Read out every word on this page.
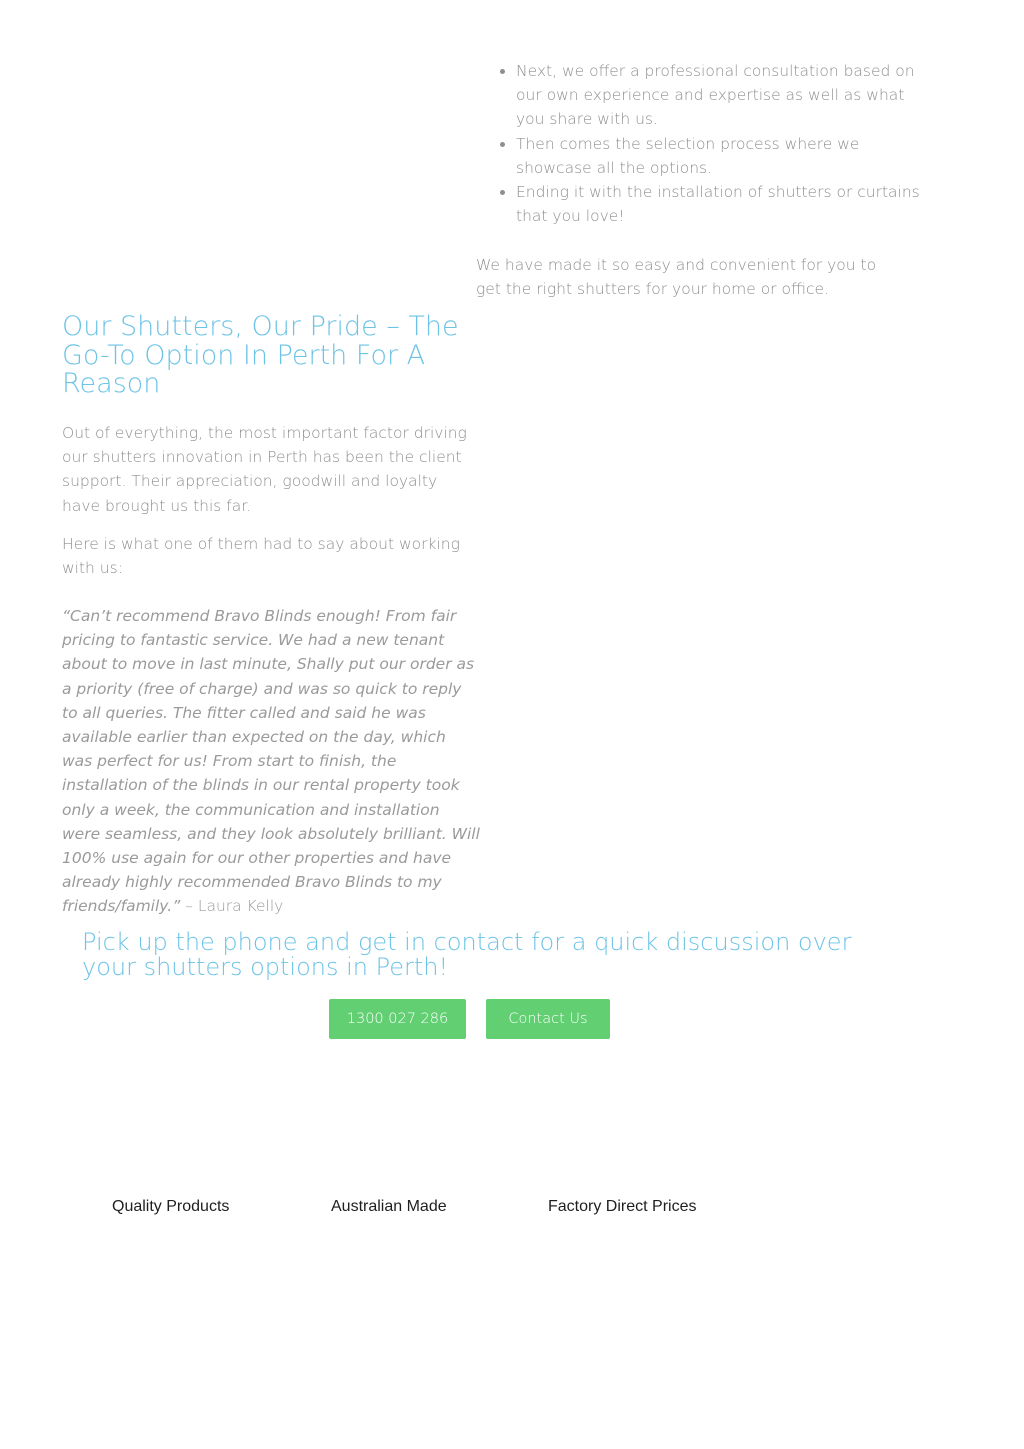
• Next, we offer a professional consultation based on our own experience and expertise as well as what you share with us.
• Then comes the selection process where we showcase all the options.
• Ending it with the installation of shutters or curtains that you love!

We have made it so easy and convenient for you to get the right shutters for your home or office.

Our Shutters, Our Pride – The Go-To Option In Perth For A Reason

Out of everything, the most important factor driving our shutters innovation in Perth has been the client support. Their appreciation, goodwill and loyalty have brought us this far.

Here is what one of them had to say about working with us:

“Can’t recommend Bravo Blinds enough! From fair pricing to fantastic service. We had a new tenant about to move in last minute, Shally put our order as a priority (free of charge) and was so quick to reply to all queries. The fitter called and said he was available earlier than expected on the day, which was perfect for us! From start to finish, the installation of the blinds in our rental property took only a week, the communication and installation were seamless, and they look absolutely brilliant. Will 100% use again for our other properties and have already highly recommended Bravo Blinds to my friends/family.” – Laura Kelly

Pick up the phone and get in contact for a quick discussion over your shutters options in Perth!
1300 027 286	Contact Us
Quality Products	Australian Made	Factory Direct Prices
